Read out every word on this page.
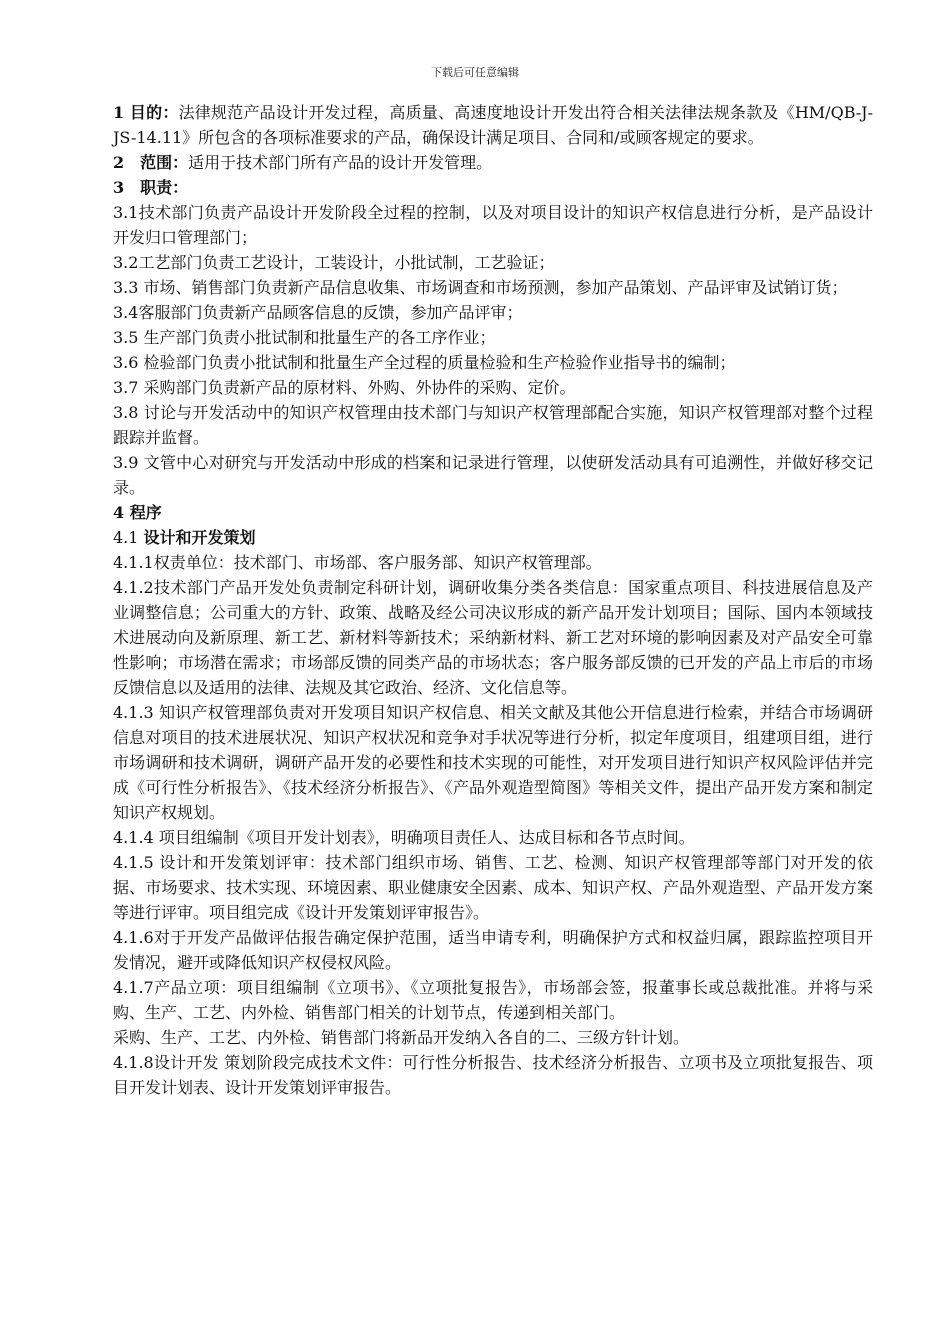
下载后可任意编辑

1 目的：法律规范产品设计开发过程，高质量、高速度地设计开发出符合相关法律法规条款及《HM/QB-J-JS-14.11》所包含的各项标准要求的产品，确保设计满足项目、合同和/或顾客规定的要求。

2　范围：适用于技术部门所有产品的设计开发管理。

3　职责：

3.1技术部门负责产品设计开发阶段全过程的控制，以及对项目设计的知识产权信息进行分析，是产品设计开发归口管理部门；

3.2工艺部门负责工艺设计，工装设计，小批试制，工艺验证；

3.3 市场、销售部门负责新产品信息收集、市场调查和市场预测，参加产品策划、产品评审及试销订货；

3.4客服部门负责新产品顾客信息的反馈，参加产品评审；

3.5 生产部门负责小批试制和批量生产的各工序作业；

3.6 检验部门负责小批试制和批量生产全过程的质量检验和生产检验作业指导书的编制；

3.7 采购部门负责新产品的原材料、外购、外协件的采购、定价。

3.8 讨论与开发活动中的知识产权管理由技术部门与知识产权管理部配合实施，知识产权管理部对整个过程跟踪并监督。

3.9 文管中心对研究与开发活动中形成的档案和记录进行管理，以使研发活动具有可追溯性，并做好移交记录。

4 程序

4.1 设计和开发策划

4.1.1权责单位：技术部门、市场部、客户服务部、知识产权管理部。

4.1.2技术部门产品开发处负责制定科研计划，调研收集分类各类信息：国家重点项目、科技进展信息及产业调整信息；公司重大的方针、政策、战略及经公司决议形成的新产品开发计划项目；国际、国内本领域技术进展动向及新原理、新工艺、新材料等新技术；采纳新材料、新工艺对环境的影响因素及对产品安全可靠性影响；市场潜在需求；市场部反馈的同类产品的市场状态；客户服务部反馈的已开发的产品上市后的市场反馈信息以及适用的法律、法规及其它政治、经济、文化信息等。

4.1.3 知识产权管理部负责对开发项目知识产权信息、相关文献及其他公开信息进行检索，并结合市场调研信息对项目的技术进展状况、知识产权状况和竞争对手状况等进行分析，拟定年度项目，组建项目组，进行市场调研和技术调研，调研产品开发的必要性和技术实现的可能性，对开发项目进行知识产权风险评估并完成《可行性分析报告》、《技术经济分析报告》、《产品外观造型简图》等相关文件，提出产品开发方案和制定知识产权规划。

4.1.4 项目组编制《项目开发计划表》，明确项目责任人、达成目标和各节点时间。

4.1.5 设计和开发策划评审：技术部门组织市场、销售、工艺、检测、知识产权管理部等部门对开发的依据、市场要求、技术实现、环境因素、职业健康安全因素、成本、知识产权、产品外观造型、产品开发方案等进行评审。项目组完成《设计开发策划评审报告》。

4.1.6对于开发产品做评估报告确定保护范围，适当申请专利，明确保护方式和权益归属，跟踪监控项目开发情况，避开或降低知识产权侵权风险。

4.1.7产品立项：项目组编制《立项书》、《立项批复报告》，市场部会签，报董事长或总裁批准。并将与采购、生产、工艺、内外检、销售部门相关的计划节点，传递到相关部门。

采购、生产、工艺、内外检、销售部门将新品开发纳入各自的二、三级方针计划。

4.1.8设计开发 策划阶段完成技术文件：可行性分析报告、技术经济分析报告、立项书及立项批复报告、项目开发计划表、设计开发策划评审报告。
